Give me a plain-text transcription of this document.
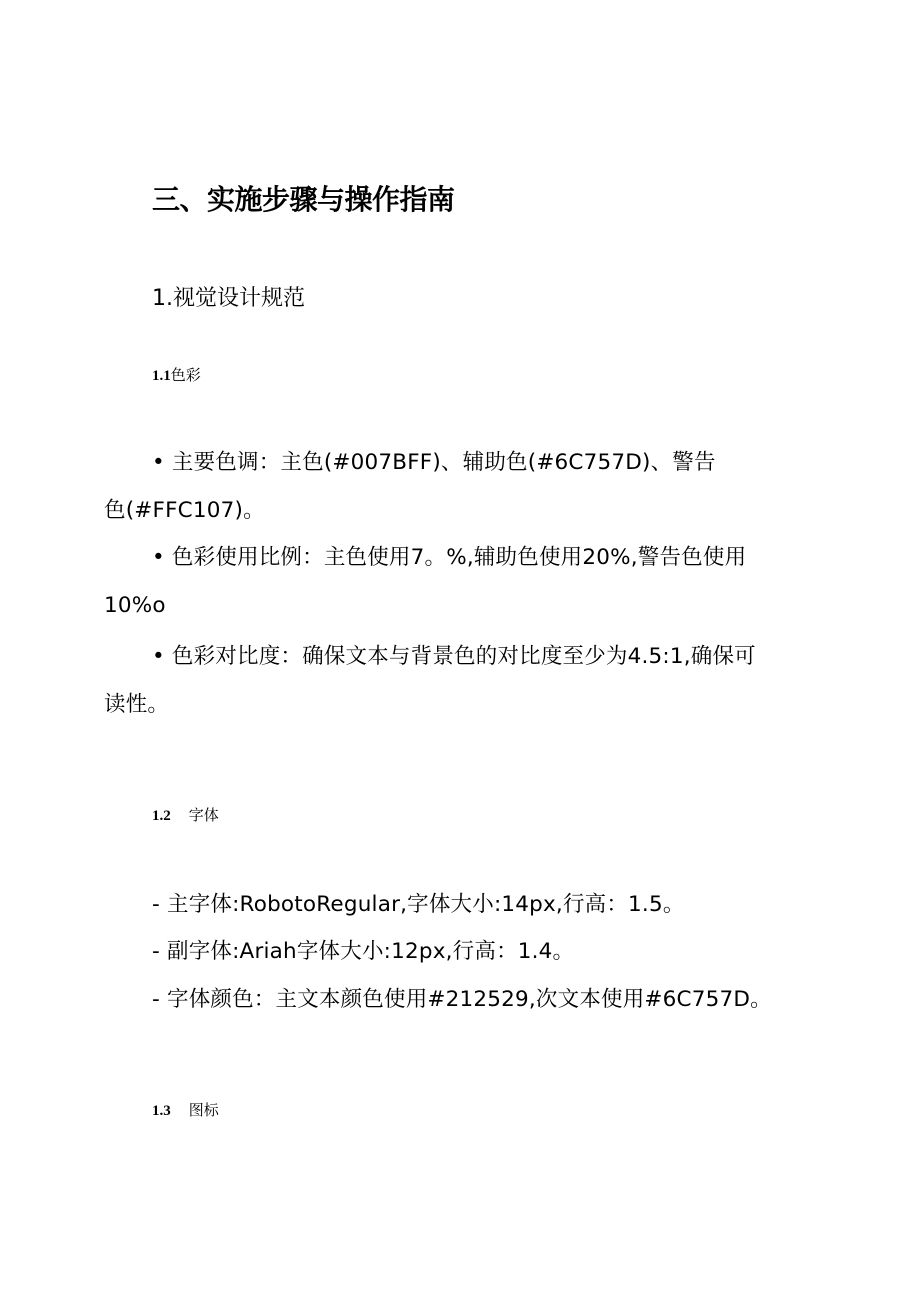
三、实施步骤与操作指南
1.视觉设计规范
1.1色彩

• 主要色调：主色(#007BFF)、辅助色(#6C757D)、警告

色(#FFC107)。

• 色彩使用比例：主色使用7。%,辅助色使用20%,警告色使用

10%o

• 色彩对比度：确保文本与背景色的对比度至少为4.5:1,确保可

读性。

1.2 字体

- 主字体:RobotoRegular,字体大小:14px,行高：1.5。

- 副字体:Ariah字体大小:12px,行高：1.4。

- 字体颜色：主文本颜色使用#212529,次文本使用#6C757D。

1.3 图标
